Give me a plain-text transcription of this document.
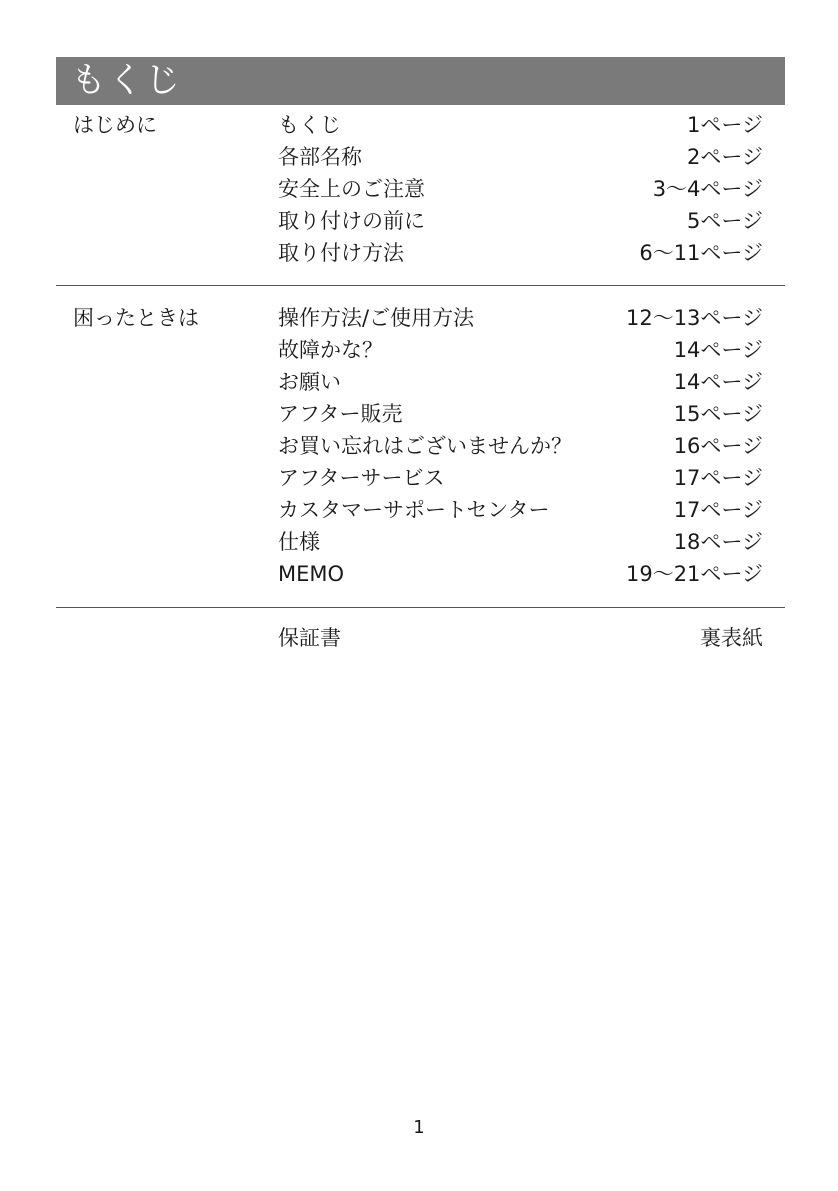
もくじ
はじめに	もくじ	1ページ
各部名称	2ページ
安全上のご注意	3〜4ページ
取り付けの前に	5ページ
取り付け方法	6〜11ページ
困ったときは	操作方法/ご使用方法	12〜13ページ
故障かな？	14ページ
お願い	14ページ
アフター販売	15ページ
お買い忘れはございませんか？	16ページ
アフターサービス	17ページ
カスタマーサポートセンター	17ページ
仕様	18ページ
MEMO	19〜21ページ
保証書	裏表紙
1
